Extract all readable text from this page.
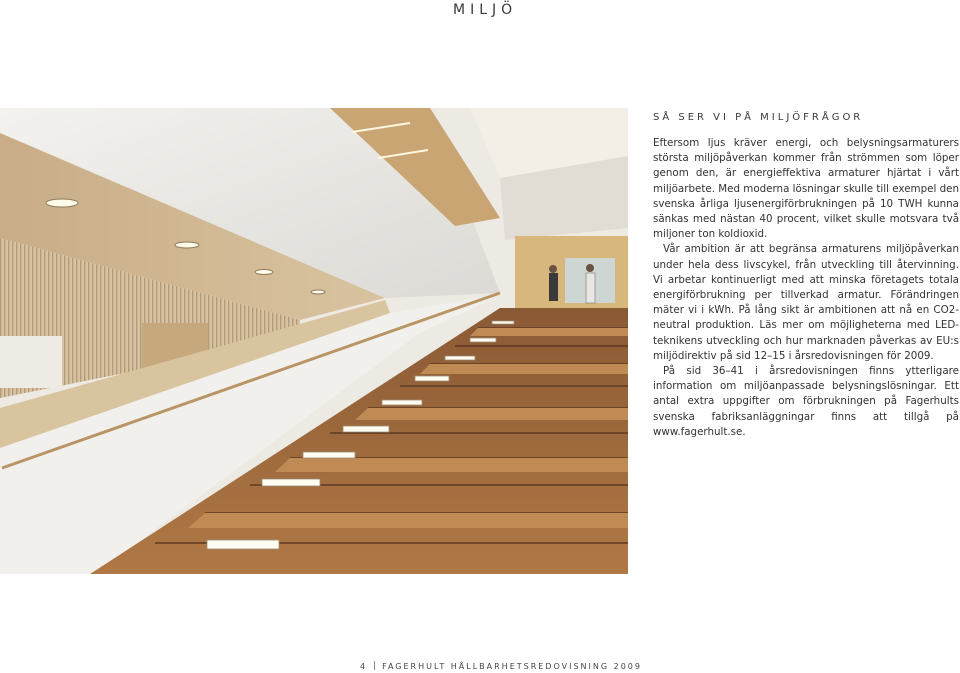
MILJÖ
SÅ SER VI PÅ MILJÖFRÅGOR

Eftersom ljus kräver energi, och belysningsarmaturers största miljöpåverkan kommer från strömmen som löper genom den, är energieffektiva armaturer hjärtat i vårt miljöarbete. Med moderna lösningar skulle till exempel den svenska årliga ljusenergiförbrukningen på 10 TWH kunna sänkas med nästan 40 procent, vilket skulle motsvara två miljoner ton koldioxid.

Vår ambition är att begränsa armaturens miljöpåverkan under hela dess livscykel, från utveckling till återvinning. Vi arbetar kontinuerligt med att minska företagets totala energiförbrukning per tillverkad armatur. Förändringen mäter vi i kWh. På lång sikt är ambitionen att nå en CO2-neutral produktion. Läs mer om möjligheterna med LED-teknikens utveckling och hur marknaden påverkas av EU:s miljödirektiv på sid 12–15 i årsredovisningen för 2009.

På sid 36–41 i årsredovisningen finns ytterligare information om miljöanpassade belysningslösningar. Ett antal extra uppgifter om förbrukningen på Fagerhults svenska fabriksanläggningar finns att tillgå på www.fagerhult.se.

4 FAGERHULT HÅLLBARHETSREDOVISNING 2009
